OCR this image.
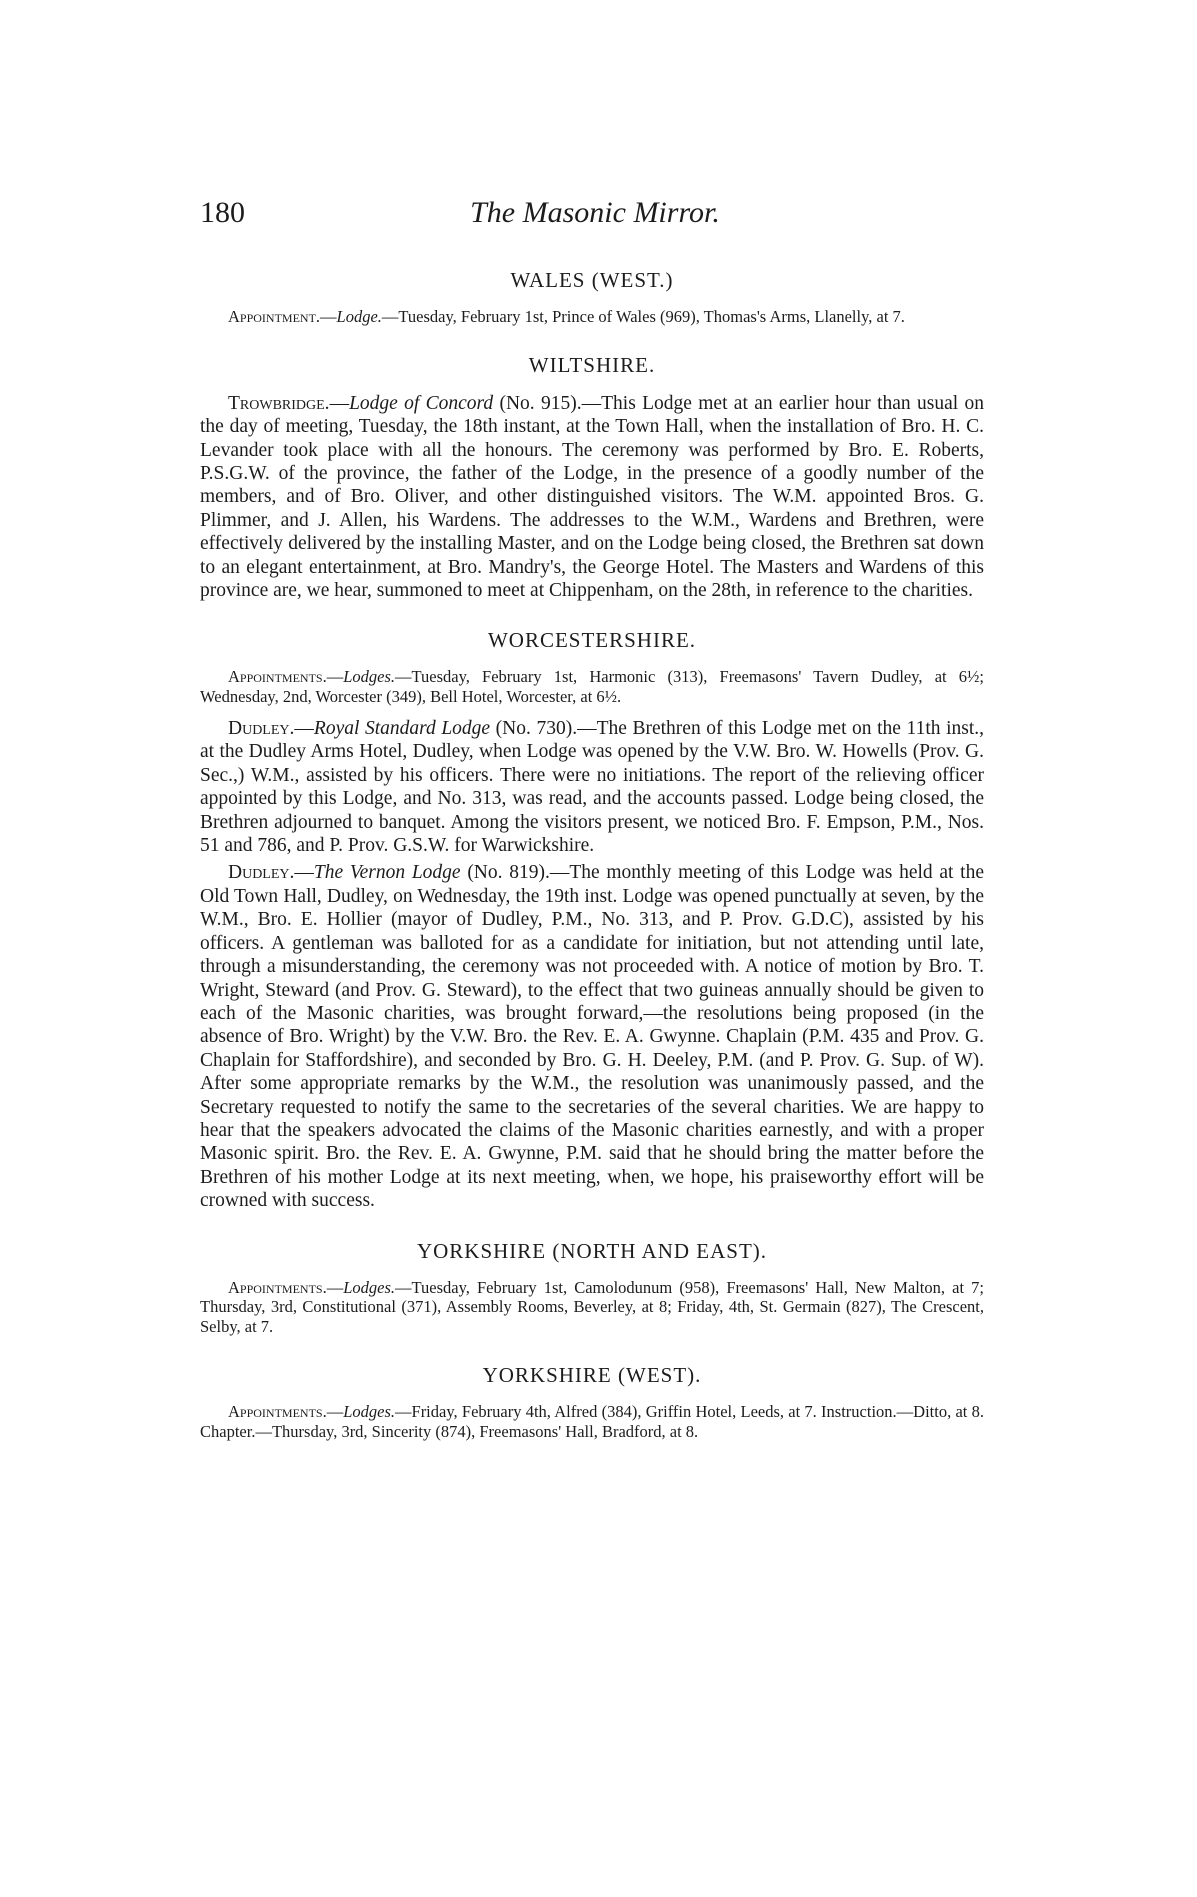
180	The Masonic Mirror.
WALES (WEST.)

Appointment.—Lodge.—Tuesday, February 1st, Prince of Wales (969), Thomas's Arms, Llanelly, at 7.

WILTSHIRE.

Trowbridge.—Lodge of Concord (No. 915).—This Lodge met at an earlier hour than usual on the day of meeting, Tuesday, the 18th instant, at the Town Hall, when the installation of Bro. H. C. Levander took place with all the honours. The ceremony was performed by Bro. E. Roberts, P.S.G.W. of the province, the father of the Lodge, in the presence of a goodly number of the members, and of Bro. Oliver, and other distinguished visitors. The W.M. appointed Bros. G. Plimmer, and J. Allen, his Wardens. The addresses to the W.M., Wardens and Brethren, were effectively delivered by the installing Master, and on the Lodge being closed, the Brethren sat down to an elegant entertainment, at Bro. Mandry's, the George Hotel. The Masters and Wardens of this province are, we hear, summoned to meet at Chippenham, on the 28th, in reference to the charities.

WORCESTERSHIRE.

Appointments.—Lodges.—Tuesday, February 1st, Harmonic (313), Freemasons' Tavern Dudley, at 6½; Wednesday, 2nd, Worcester (349), Bell Hotel, Worcester, at 6½.

Dudley.—Royal Standard Lodge (No. 730).—The Brethren of this Lodge met on the 11th inst., at the Dudley Arms Hotel, Dudley, when Lodge was opened by the V.W. Bro. W. Howells (Prov. G. Sec.,) W.M., assisted by his officers. There were no initiations. The report of the relieving officer appointed by this Lodge, and No. 313, was read, and the accounts passed. Lodge being closed, the Brethren adjourned to banquet. Among the visitors present, we noticed Bro. F. Empson, P.M., Nos. 51 and 786, and P. Prov. G.S.W. for Warwickshire.

Dudley.—The Vernon Lodge (No. 819).—The monthly meeting of this Lodge was held at the Old Town Hall, Dudley, on Wednesday, the 19th inst. Lodge was opened punctually at seven, by the W.M., Bro. E. Hollier (mayor of Dudley, P.M., No. 313, and P. Prov. G.D.C), assisted by his officers. A gentleman was balloted for as a candidate for initiation, but not attending until late, through a misunderstanding, the ceremony was not proceeded with. A notice of motion by Bro. T. Wright, Steward (and Prov. G. Steward), to the effect that two guineas annually should be given to each of the Masonic charities, was brought forward,—the resolutions being proposed (in the absence of Bro. Wright) by the V.W. Bro. the Rev. E. A. Gwynne. Chaplain (P.M. 435 and Prov. G. Chaplain for Staffordshire), and seconded by Bro. G. H. Deeley, P.M. (and P. Prov. G. Sup. of W). After some appropriate remarks by the W.M., the resolution was unanimously passed, and the Secretary requested to notify the same to the secretaries of the several charities. We are happy to hear that the speakers advocated the claims of the Masonic charities earnestly, and with a proper Masonic spirit. Bro. the Rev. E. A. Gwynne, P.M. said that he should bring the matter before the Brethren of his mother Lodge at its next meeting, when, we hope, his praiseworthy effort will be crowned with success.

YORKSHIRE (NORTH AND EAST).

Appointments.—Lodges.—Tuesday, February 1st, Camolodunum (958), Freemasons' Hall, New Malton, at 7; Thursday, 3rd, Constitutional (371), Assembly Rooms, Beverley, at 8; Friday, 4th, St. Germain (827), The Crescent, Selby, at 7.

YORKSHIRE (WEST).

Appointments.—Lodges.—Friday, February 4th, Alfred (384), Griffin Hotel, Leeds, at 7. Instruction.—Ditto, at 8. Chapter.—Thursday, 3rd, Sincerity (874), Freemasons' Hall, Bradford, at 8.
